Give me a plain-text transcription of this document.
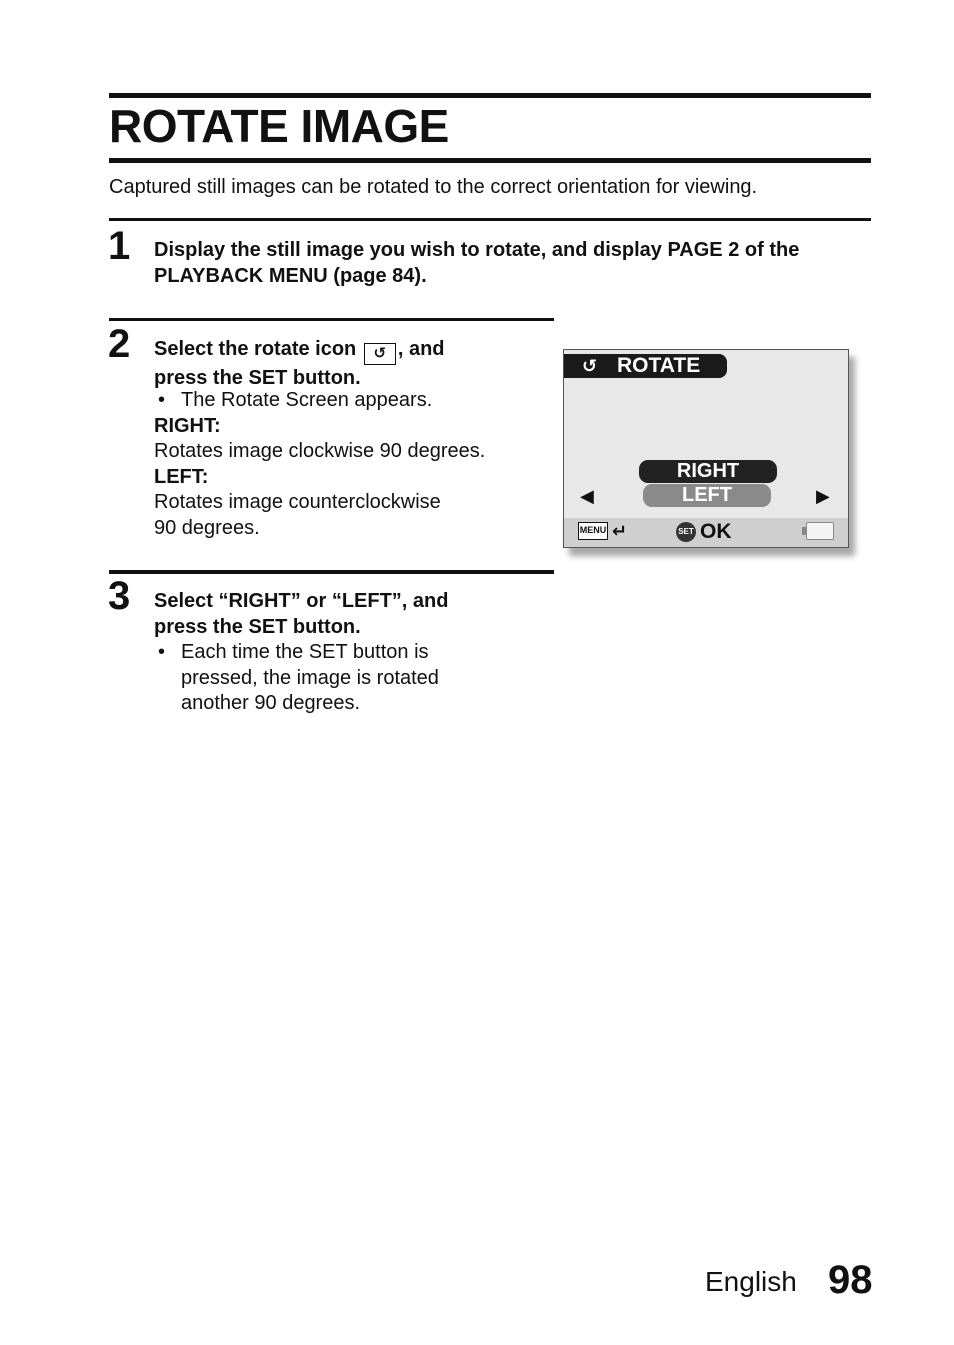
ROTATE IMAGE
Captured still images can be rotated to the correct orientation for viewing.
1 Display the still image you wish to rotate, and display PAGE 2 of the PLAYBACK MENU (page 84).
2 Select the rotate icon ↺ , and
press the SET button.
• The Rotate Screen appears.
RIGHT:
Rotates image clockwise 90 degrees.
LEFT:
Rotates image counterclockwise
90 degrees.
↺ ROTATE
RIGHT
LEFT
◀	▶
MENU ↵	SET OK
3 Select “RIGHT” or “LEFT”, and
press the SET button.
• Each time the SET button is
pressed, the image is rotated
another 90 degrees.
English 98
